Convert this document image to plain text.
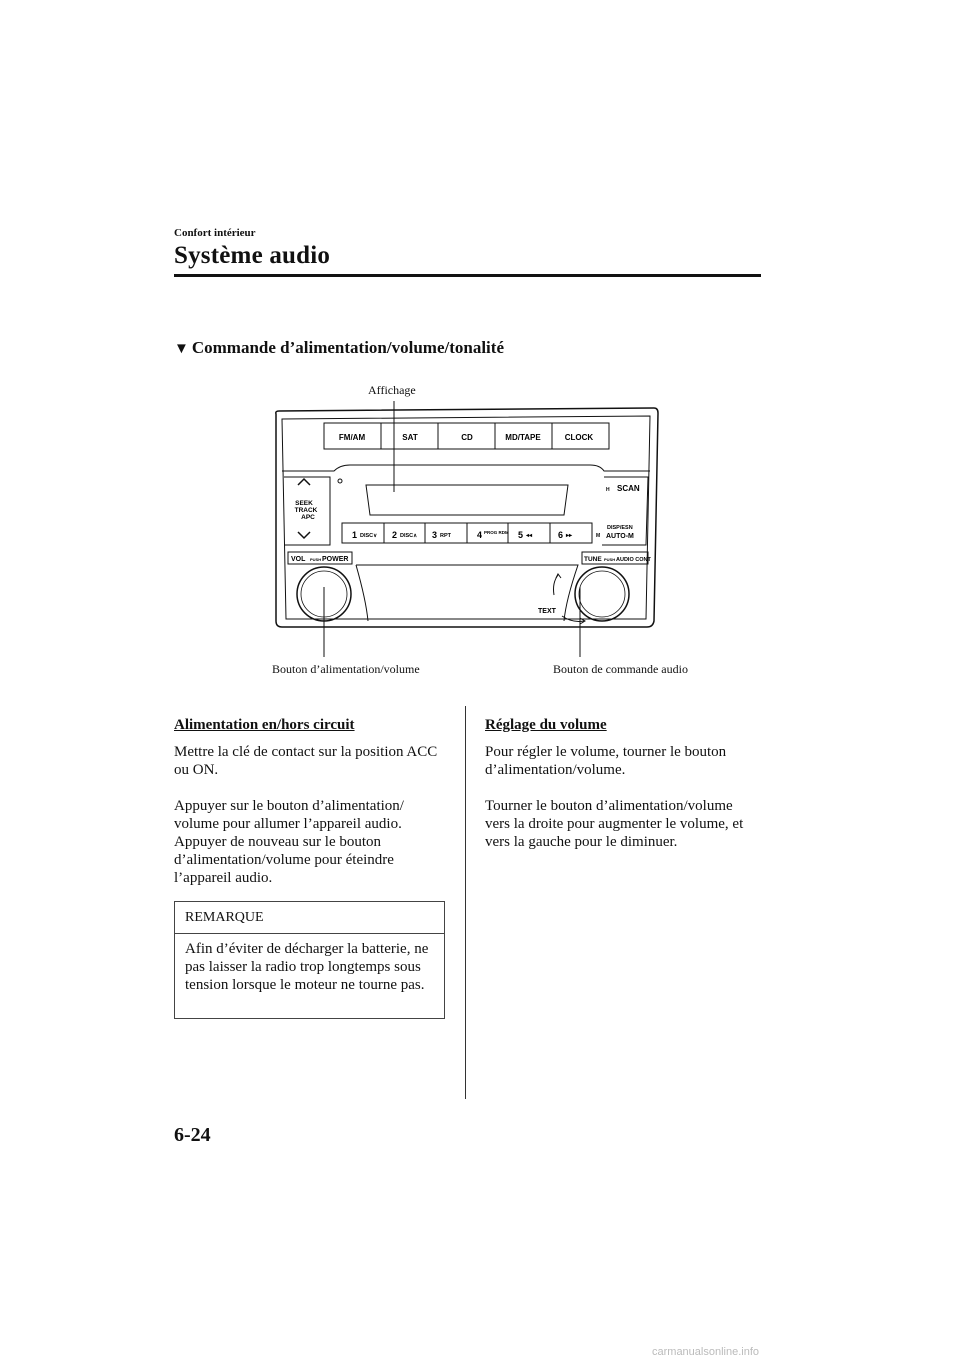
Confort intérieur
Système audio
▼ Commande d’alimentation/volume/tonalité
Affichage
Bouton d’alimentation/volume	Bouton de commande audio
FM/AM	SAT	CD	MD/TAPE	CLOCK
SEEK
TRACK
APC
H SCAN
M
DISP/ESN
AUTO-M
1 DISC∨ 2 DISC∧ 3 RPT	4 PROG RDM 5 ◂◂	6 ▸▸
VOL PUSH POWER	TUNE PUSH AUDIO CONT
TEXT
Alimentation en/hors circuit

Mettre la clé de contact sur la position ACC ou ON.

Appuyer sur le bouton d’alimentation/ volume pour allumer l’appareil audio. Appuyer de nouveau sur le bouton d’alimentation/volume pour éteindre l’appareil audio.

REMARQUE
Afin d’éviter de décharger la batterie, ne pas laisser la radio trop longtemps sous tension lorsque le moteur ne tourne pas.
Réglage du volume

Pour régler le volume, tourner le bouton d’alimentation/volume.

Tourner le bouton d’alimentation/volume vers la droite pour augmenter le volume, et vers la gauche pour le diminuer.

6-24
carmanualsonline.info
